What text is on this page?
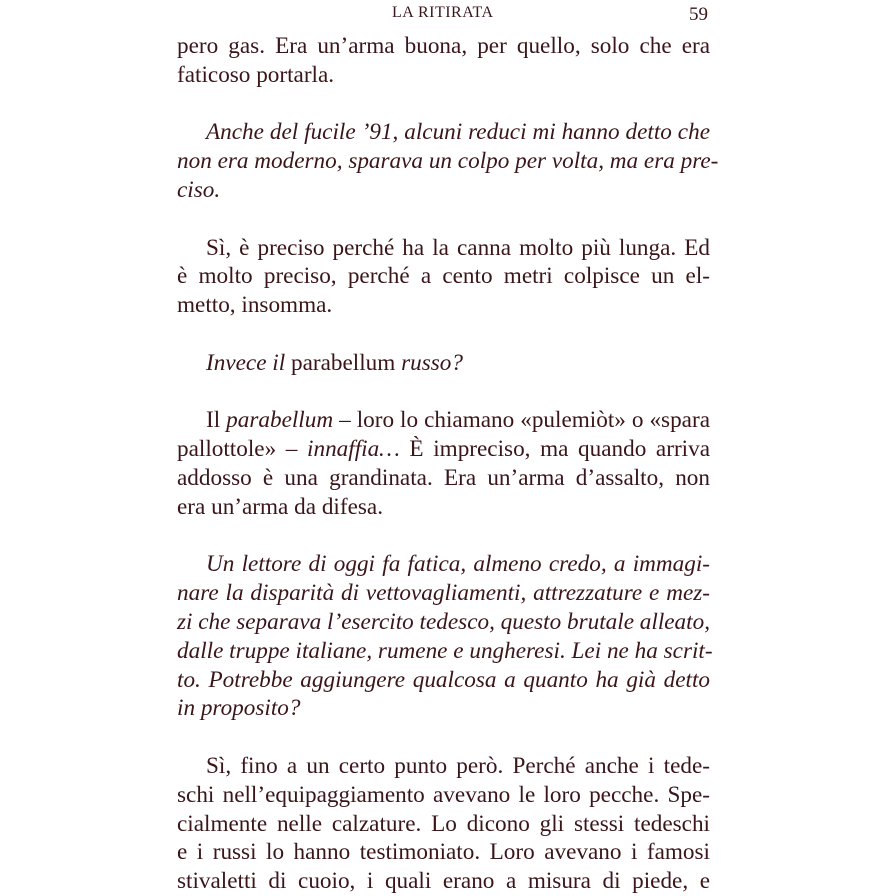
LA RITIRATA	59
pero gas. Era un’arma buona, per quello, solo che era
faticoso portarla.
Anche del fucile ’91, alcuni reduci mi hanno detto che
non era moderno, sparava un colpo per volta, ma era pre-
ciso.
Sì, è preciso perché ha la canna molto più lunga. Ed
è molto preciso, perché a cento metri colpisce un el-
metto, insomma.
Invece il parabellum russo?
Il parabellum – loro lo chiamano «pulemiòt» o «spara
pallottole» – innaffia… È impreciso, ma quando arriva
addosso è una grandinata. Era un’arma d’assalto, non
era un’arma da difesa.
Un lettore di oggi fa fatica, almeno credo, a immagi-
nare la disparità di vettovagliamenti, attrezzature e mez-
zi che separava l’esercito tedesco, questo brutale alleato,
dalle truppe italiane, rumene e ungheresi. Lei ne ha scrit-
to. Potrebbe aggiungere qualcosa a quanto ha già detto
in proposito?
Sì, fino a un certo punto però. Perché anche i tede-
schi nell’equipaggiamento avevano le loro pecche. Spe-
cialmente nelle calzature. Lo dicono gli stessi tedeschi
e i russi lo hanno testimoniato. Loro avevano i famosi
stivaletti di cuoio, i quali erano a misura di piede, e
